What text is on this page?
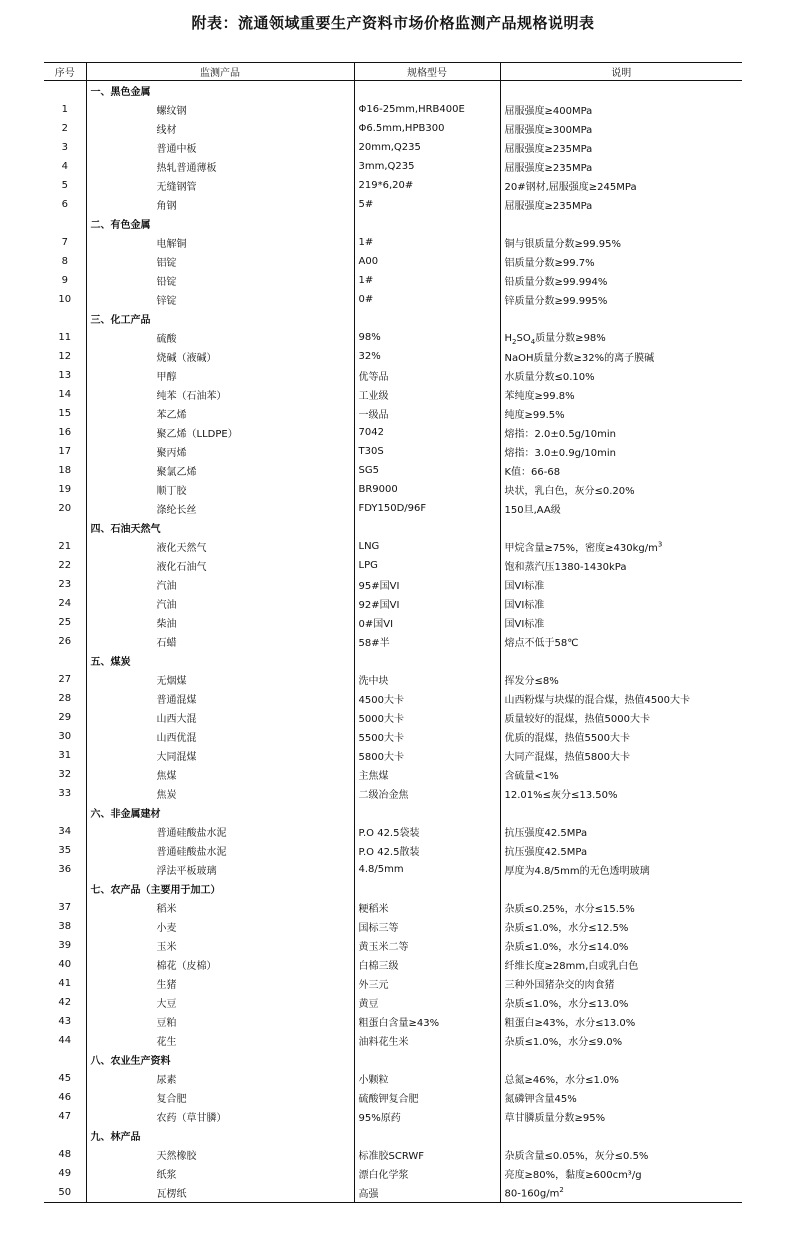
附表：流通领域重要生产资料市场价格监测产品规格说明表
序号	监测产品	规格型号	说明
	一、黑色金属		
1	螺纹钢	Φ16-25mm,HRB400E	屈服强度≥400MPa
2	线材	Φ6.5mm,HPB300	屈服强度≥300MPa
3	普通中板	20mm,Q235	屈服强度≥235MPa
4	热轧普通薄板	3mm,Q235	屈服强度≥235MPa
5	无缝钢管	219*6,20#	20#钢材,屈服强度≥245MPa
6	角钢	5#	屈服强度≥235MPa
	二、有色金属		
7	电解铜	1#	铜与银质量分数≥99.95%
8	铝锭	A00	铝质量分数≥99.7%
9	铅锭	1#	铅质量分数≥99.994%
10	锌锭	0#	锌质量分数≥99.995%
	三、化工产品		
11	硫酸	98%	$H_2SO_4$质量分数≥98%
12	烧碱（液碱）	32%	NaOH质量分数≥32%的离子膜碱
13	甲醇	优等品	水质量分数≤0.10%
14	纯苯（石油苯）	工业级	苯纯度≥99.8%
15	苯乙烯	一级品	纯度≥99.5%
16	聚乙烯（LLDPE）	7042	熔指：2.0±0.5g/10min
17	聚丙烯	T30S	熔指：3.0±0.9g/10min
18	聚氯乙烯	SG5	K值：66-68
19	顺丁胶	BR9000	块状，乳白色，灰分≤0.20%
20	涤纶长丝	FDY150D/96F	150旦,AA级
	四、石油天然气		
21	液化天然气	LNG	甲烷含量≥75%，密度$\ge 430kg/m^3$
22	液化石油气	LPG	饱和蒸汽压1380-1430kPa
23	汽油	95#国VI	国VI标准
24	汽油	92#国VI	国VI标准
25	柴油	0#国VI	国VI标准
26	石蜡	58#半	熔点不低于58℃
	五、煤炭		
27	无烟煤	洗中块	挥发分≤8%
28	普通混煤	4500大卡	山西粉煤与块煤的混合煤，热值4500大卡
29	山西大混	5000大卡	质量较好的混煤，热值5000大卡
30	山西优混	5500大卡	优质的混煤，热值5500大卡
31	大同混煤	5800大卡	大同产混煤，热值5800大卡
32	焦煤	主焦煤	含硫量<1%
33	焦炭	二级冶金焦	12.01%≤灰分≤13.50%
	六、非金属建材		
34	普通硅酸盐水泥	P.O 42.5袋装	抗压强度42.5MPa
35	普通硅酸盐水泥	P.O 42.5散装	抗压强度42.5MPa
36	浮法平板玻璃	4.8/5mm	厚度为4.8/5mm的无色透明玻璃
	七、农产品（主要用于加工）		
37	稻米	粳稻米	杂质≤0.25%，水分≤15.5%
38	小麦	国标三等	杂质≤1.0%，水分≤12.5%
39	玉米	黄玉米二等	杂质≤1.0%，水分≤14.0%
40	棉花（皮棉）	白棉三级	纤维长度≥28mm,白或乳白色
41	生猪	外三元	三种外国猪杂交的肉食猪
42	大豆	黄豆	杂质≤1.0%，水分≤13.0%
43	豆粕	粗蛋白含量≥43%	粗蛋白≥43%，水分≤13.0%
44	花生	油料花生米	杂质≤1.0%，水分≤9.0%
	八、农业生产资料		
45	尿素	小颗粒	总氮≥46%，水分≤1.0%
46	复合肥	硫酸钾复合肥	氮磷钾含量45%
47	农药（草甘膦）	95%原药	草甘膦质量分数≥95%
	九、林产品		
48	天然橡胶	标准胶SCRWF	杂质含量≤0.05%，灰分≤0.5%
49	纸浆	漂白化学浆	亮度≥80%，黏度≥600cm³/g
50	瓦楞纸	高强	$80-160g/m^2$
